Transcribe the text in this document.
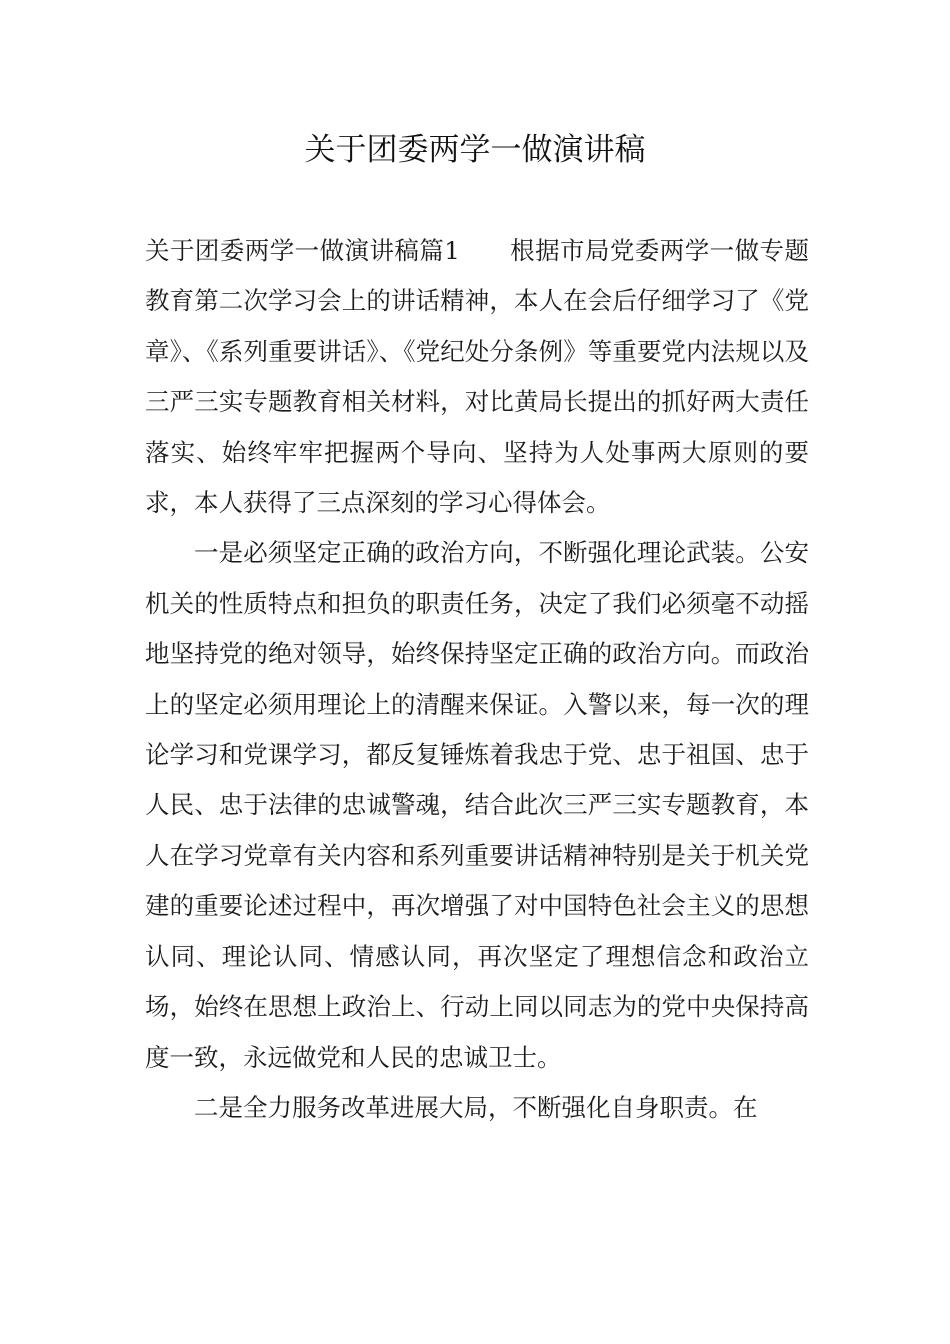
关于团委两学一做演讲稿

关于团委两学一做演讲稿篇1　　根据市局党委两学一做专题教育第二次学习会上的讲话精神，本人在会后仔细学习了《党章》、《系列重要讲话》、《党纪处分条例》等重要党内法规以及三严三实专题教育相关材料，对比黄局长提出的抓好两大责任落实、始终牢牢把握两个导向、坚持为人处事两大原则的要求，本人获得了三点深刻的学习心得体会。

一是必须坚定正确的政治方向，不断强化理论武装。公安机关的性质特点和担负的职责任务，决定了我们必须毫不动摇地坚持党的绝对领导，始终保持坚定正确的政治方向。而政治上的坚定必须用理论上的清醒来保证。入警以来，每一次的理论学习和党课学习，都反复锤炼着我忠于党、忠于祖国、忠于人民、忠于法律的忠诚警魂，结合此次三严三实专题教育，本人在学习党章有关内容和系列重要讲话精神特别是关于机关党建的重要论述过程中，再次增强了对中国特色社会主义的思想认同、理论认同、情感认同，再次坚定了理想信念和政治立场，始终在思想上政治上、行动上同以同志为的党中央保持高度一致，永远做党和人民的忠诚卫士。

二是全力服务改革进展大局，不断强化自身职责。在
